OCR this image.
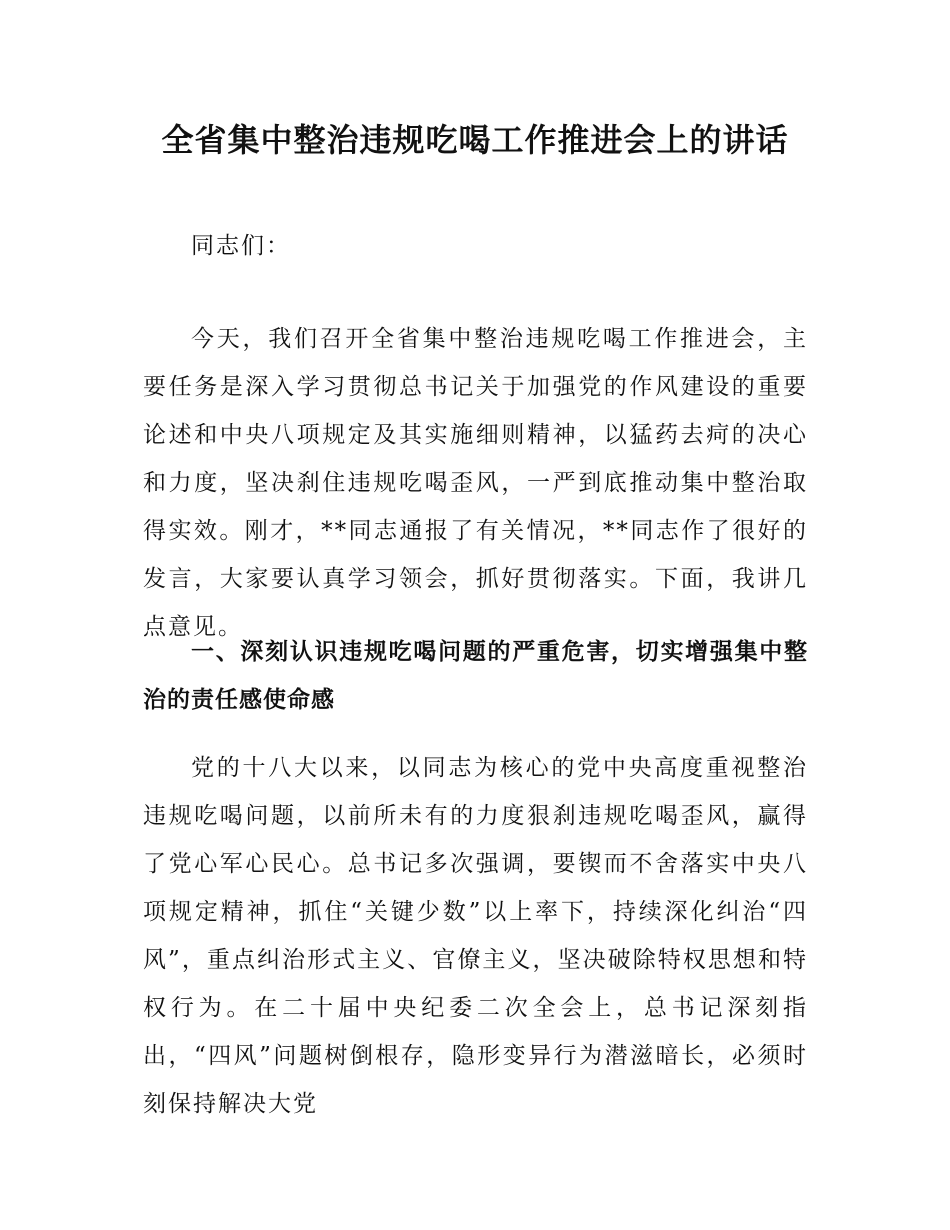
全省集中整治违规吃喝工作推进会上的讲话

同志们：

今天，我们召开全省集中整治违规吃喝工作推进会，主要任务是深入学习贯彻总书记关于加强党的作风建设的重要论述和中央八项规定及其实施细则精神，以猛药去疴的决心和力度，坚决刹住违规吃喝歪风，一严到底推动集中整治取得实效。刚才，**同志通报了有关情况，**同志作了很好的发言，大家要认真学习领会，抓好贯彻落实。下面，我讲几点意见。

一、深刻认识违规吃喝问题的严重危害，切实增强集中整治的责任感使命感

党的十八大以来，以同志为核心的党中央高度重视整治违规吃喝问题，以前所未有的力度狠刹违规吃喝歪风，赢得了党心军心民心。总书记多次强调，要锲而不舍落实中央八项规定精神，抓住“关键少数”以上率下，持续深化纠治“四风”，重点纠治形式主义、官僚主义，坚决破除特权思想和特权行为。在二十届中央纪委二次全会上，总书记深刻指出，“四风”问题树倒根存，隐形变异行为潜滋暗长，必须时刻保持解决大党
